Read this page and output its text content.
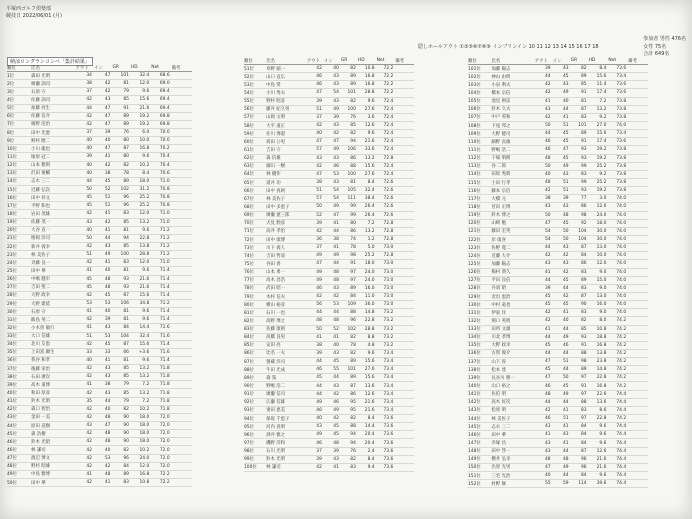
平塚西ゴルフ倶楽部
競技日 2022/06/01 (月)
参加者 男性 476名
女性 75名
合計 649名
隠しホールアウト ①③⑤⑥⑦⑧⑨ インブリンイン 10 11 12 13 14 15 16 17 18
納涼ロングランコンペ「集計結果」
順位	氏名	アウト	イン	GR	HD	Net	備考
1位	森田 光明	34	47	101	32.4	68.6	
2位	廣瀬 訓司	38	42	81	12.0	69.0	
3位	石原 守	37	42	79	9.6	69.4	
4位	佐藤 訓司	42	43	85	15.6	69.4	
5位	加藤 亮生	44	47	91	21.6	69.4	
6位	佐藤 信介	42	47	89	19.2	69.8	
7位	廣野 浩治	42	47	89	19.2	69.8	
8位	田中 光憲	37	39	76	6.0	70.0	
9位	野村 暁二	40	40	80	10.0	70.0	
10位	小川 龍也	40	47	87	16.8	70.2	
11位	塚原 冠二	39	41	80	9.6	70.4	
12位	山本 雅則	40	42	82	10.2	70.4	
13位	沢田 俊輔	40	38	78	8.4	70.6	
14位	志水 三二	44	45	89	18.0	71.0	
15位	近藤 弘次	50	52	102	31.2	70.8	
16位	田中 祥文	45	51	96	25.2	70.8	
17位	平野 和也	45	51	96	25.2	70.8	
18位	岩田 茂雄	42	41	83	12.0	71.0	
19位	佐藤 茂一	43	42	85	13.2	71.0	
20位	大谷 直一	40	41	81	9.6	71.2	
21位	増岡 洋司	50	44	94	22.8	71.2	
22位	新井 義幸	42	43	85	13.8	71.2	
23位	林 美佐子	51	49	100	28.8	71.2	
24位	斉藤 良一	42	41	83	12.0	71.0	
25位	田中 華	41	40	81	9.6	71.4	
26位	中嶋 健市	45	48	93	21.6	71.4	
27位	吉田 聖二	45	48	93	21.6	71.4	
28位	大野 政幸	42	45	87	15.6	71.4	
29位	大野 建延	53	53	106	34.8	71.2	
30位	石原 守	41	40	81	9.6	71.4	
31位	飯島 英二	42	39	81	9.6	71.4	
32位	小木曽 敏行	41	43	84	14.4	71.6	
33位	大口 信雄	51	53	104	32.4	71.6	
34位	北川 友恵	42	45	87	15.6	71.4	
35位	上田富 顕生	33	33	66	+3.6	71.6	
36位	我谷 和孝	40	41	81	9.6	71.4	
37位	後藤 栄治	42	43	85	13.2	71.8	
38位	石田 廣次	42	43	85	13.2	71.8	
39位	高木 道博	41	38	79	7.2	71.8	
40位	和田 厚彦	42	43	85	13.2	71.8	
41位	鈴木 光明	35	44	79	7.2	71.8	
42位	森口 智治	42	40	82	10.2	71.8	
43位	金田 一美	42	48	90	18.0	72.0	
44位	原田 直樹	43	47	90	18.0	72.0	
45位	森 浩樹	42	48	90	18.0	72.0	
46位	鈴木 光昭	42	48	90	18.0	72.0	
46位	林 謙司	42	40	82	10.2	72.0	
47位	渡辺 博文	42	53	96	24.0	72.0	
48位	野村 昭雄	42	42	84	12.0	72.0	
49位	中島 雅博	41	48	89	16.8	72.2	
50位	田中 華	42	41	83	10.8	72.2	
順位	氏名	アウト	イン	GR	HD	Net	備考
51位	阜野 頭一	42	40	82	10.8	72.2	
52位	山口 直広	46	43	89	16.8	72.2	
53位	中島 愛	46	43	89	16.8	72.2	
54位	小川 秀夫	47	54	101	28.8	72.2	
55位	野村 昭彦	39	43	82	9.6	72.4	
56位	藤井 紀久男	51	49	100	27.6	72.4	
57位	山岡 文明	37	39	76	3.6	72.4	
58位	大平 道正	42	43	85	12.6	72.4	
59位	住川 博澄	40	42	82	9.6	72.4	
60位	坂田 公男	47	47	94	21.6	72.4	
61位	吉田 守	57	49	106	33.6	72.4	
62位	森 信雄	43	43	86	13.2	72.8	
63位	細川 一樹	42	46	88	15.6	72.4	
64位	林 優作	47	53	100	27.6	72.4	
65位	道井 功	38	43	81	8.4	72.6	
66位	田中 真則	51	54	105	32.4	72.6	
67位	林 美佐子	57	54	111	38.4	72.6	
68位	田中 多恵子	50	49	99	26.4	72.6	
69位	廣瀬 憲三郎	52	47	99	26.4	72.6	
70位	犬見 勲彦	39	41	80	7.2	72.8	
71位	高井 孝治	42	44	86	13.2	72.8	
72位	田中 康博	36	38	74	1.2	72.8	
73位	川下 義人	37	41	78	5.0	73.0	
74位	吉田 哲哉	49	49	98	25.2	72.8	
75位	谷田 香	47	44	91	18.0	73.0	
76位	山本 勇一	49	48	97	24.0	73.0	
77位	高木 昌浩	49	48	97	24.0	73.0	
78位	武田 昭一	46	43	89	16.0	73.0	
79位	木村 信夫	42	42	84	11.0	73.0	
80位	横山 裕彦	56	53	109	36.0	73.0	
81位	石川 一也	44	44	88	14.8	73.2	
82位	高野 博之	48	48	96	22.8	73.2	
83位	佐藤 康則	50	52	102	28.8	73.2	
84位	高橋 良男	41	41	82	8.8	73.2	
85位	安田 亮	38	40	78	4.8	73.2	
86位	比名 一夫	39	43	82	9.6	73.4	
87位	螢蔵 洋司	44	45	89	15.6	73.4	
88位	牛田 光成	46	55	101	27.6	73.4	
89位	森 篤	45	44	89	15.6	73.4	
90位	野嶋 浩二	44	43	87	13.6	73.4	
91位	廣瀬 信司	44	42	86	12.6	73.4	
92位	広瀬 信雄	49	46	95	21.6	73.4	
93位	妻田 恵美	46	49	95	21.6	73.4	
94位	保坂 千恵子	40	42	82	8.4	73.6	
95位	河内 真明	43	45	88	14.4	73.6	
96位	酒井 雅之	49	45	94	20.4	73.6	
97位	磯野 洋和	46	48	94	20.4	73.6	
98位	石川 光明	37	39	76	2.4	73.6	
99位	鈴木 光明	39	43	82	8.4	73.6	
100位	林 謙司	42	41	83	9.4	73.6	
順位	氏名	アウト	イン	GR	HD	Net	備考
101位	加藤 陽志	39	43	82	8.4	73.6	
102位	神山 由明	44	45	89	15.6	73.4	
103位	小泉 利夫	42	43	85	11.4	73.6	
104位	橋本 宗信	42	49	91	17.4	73.6	
105位	池見 則彦	41	40	81	7.2	73.8	
106位	鈴木 久夫	43	44	87	13.2	73.8	
107位	中戸 英和	42	41	83	9.2	73.8	
108位	下尾 邦之	50	51	101	27.0	74.0	
109位	大野 健司	44	45	89	15.6	73.4	
110位	細野 貞雄	46	45	91	17.4	73.6	
111位	野嶋 浩二	46	47	93	19.2	73.8	
112位	干場 明朗	48	45	93	19.2	73.8	
113位	谷 二郎	50	49	99	25.2	73.8	
114位	田坂 秀典	40	43	83	9.2	73.8	
115位	土田 行孝	48	51	99	25.2	73.8	
116位	藤本 宗信	42	51	93	19.2	73.8	
117位	大橋 元	38	39	77	3.0	74.0	
118位	宮田 正博	43	43	86	12.0	74.0	
119位	鈴木 博之	50	48	98	24.0	74.0	
120位	山崎 勉	47	45	92	18.0	74.0	
121位	藤田 宏英	54	50	104	30.0	74.0	
122位	岸 康喜	54	50	104	30.0	74.0	
123位	佐野 寛二	44	43	87	13.0	74.0	
124位	近藤 大介	42	42	84	10.0	74.0	
125位	加藤 陽志	43	43	86	12.0	74.0	
126位	梅村 典久	41	42	83	9.0	74.0	
127位	平田 良信	44	45	89	15.0	74.0	
128位	丹羽 昭	39	44	83	9.0	74.0	
129位	北出 恵治	45	42	87	13.0	74.0	
130位	中村 竜也	45	45	90	16.0	74.0	
131位	伊東 洋	42	41	83	9.0	74.0	
132位	関口 英明	42	40	82	8.0	74.2	
133位	田所 文雄	41	44	85	10.8	74.2	
134位	川北 孝博	44	49	93	18.8	74.2	
135位	大野 政幸	45	46	91	16.8	74.2	
136位	古賀 俊介	44	44	88	13.8	74.2	
137位	山下 厚	47	51	98	23.8	74.2	
138位	松本 達	45	44	89	14.8	74.2	
139位	長谷川 勝一	47	50	97	22.8	74.2	
140位	山口 裕之	46	45	91	16.8	74.2	
141位	佐伯 明	48	49	97	22.6	74.4	
142位	高木 好次	44	44	88	13.6	74.4	
143位	松原 明	42	41	83	8.6	74.4	
144位	林 美佐子	46	51	97	22.8	74.2	
145位	志水 三二	43	41	84	9.6	74.4	
146位	田中 華	41	43	84	9.6	74.4	
147位	赤塚 昌	43	41	84	9.6	74.4	
148位	田中 啓一	43	44	87	12.6	74.4	
149位	横井 弘幸	48	48	96	21.6	74.4	
150位	出原 光男	47	49	96	21.6	74.4	
151位	三宅 光治	40	44	84	9.6	74.4	
152位	村野 修	55	59	114	39.6	74.4	
